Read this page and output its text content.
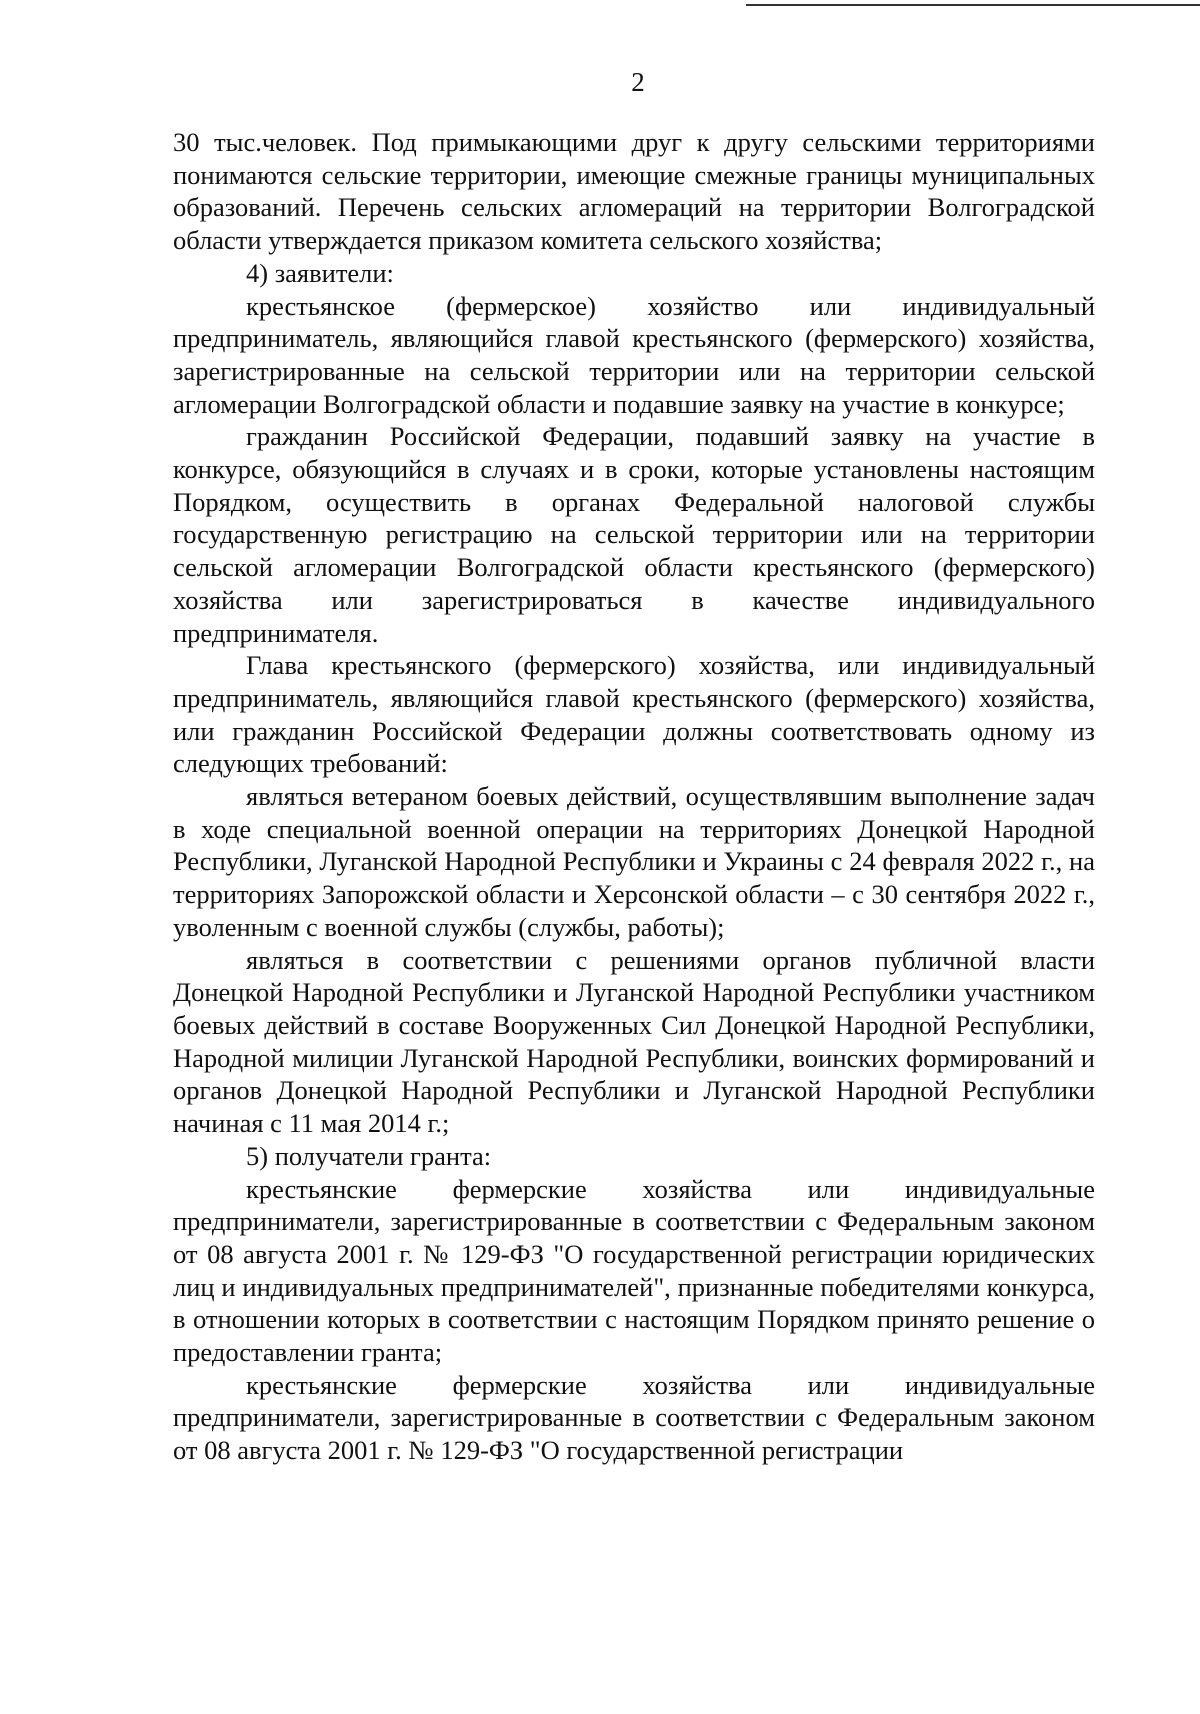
2

30 тыс.человек. Под примыкающими друг к другу сельскими территориями понимаются сельские территории, имеющие смежные границы муниципальных образований. Перечень сельских агломераций на территории Волгоградской области утверждается приказом комитета сельского хозяйства;

4) заявители:

крестьянское (фермерское) хозяйство или индивидуальный предприниматель, являющийся главой крестьянского (фермерского) хозяйства, зарегистрированные на сельской территории или на территории сельской агломерации Волгоградской области и подавшие заявку на участие в конкурсе;

гражданин Российской Федерации, подавший заявку на участие в конкурсе, обязующийся в случаях и в сроки, которые установлены настоящим Порядком, осуществить в органах Федеральной налоговой службы государственную регистрацию на сельской территории или на территории сельской агломерации Волгоградской области крестьянского (фермерского) хозяйства или зарегистрироваться в качестве индивидуального предпринимателя.

Глава крестьянского (фермерского) хозяйства, или индивидуальный предприниматель, являющийся главой крестьянского (фермерского) хозяйства, или гражданин Российской Федерации должны соответствовать одному из следующих требований:

являться ветераном боевых действий, осуществлявшим выполнение задач в ходе специальной военной операции на территориях Донецкой Народной Республики, Луганской Народной Республики и Украины с 24 февраля 2022 г., на территориях Запорожской области и Херсонской области – с 30 сентября 2022 г., уволенным с военной службы (службы, работы);

являться в соответствии с решениями органов публичной власти Донецкой Народной Республики и Луганской Народной Республики участником боевых действий в составе Вооруженных Сил Донецкой Народной Республики, Народной милиции Луганской Народной Республики, воинских формирований и органов Донецкой Народной Республики и Луганской Народной Республики начиная с 11 мая 2014 г.;

5) получатели гранта:

крестьянские фермерские хозяйства или индивидуальные предприниматели, зарегистрированные в соответствии с Федеральным законом от 08 августа 2001 г. № 129-ФЗ "О государственной регистрации юридических лиц и индивидуальных предпринимателей", признанные победителями конкурса, в отношении которых в соответствии с настоящим Порядком принято решение о предоставлении гранта;

крестьянские фермерские хозяйства или индивидуальные предприниматели, зарегистрированные в соответствии с Федеральным законом от 08 августа 2001 г. № 129-ФЗ "О государственной регистрации
